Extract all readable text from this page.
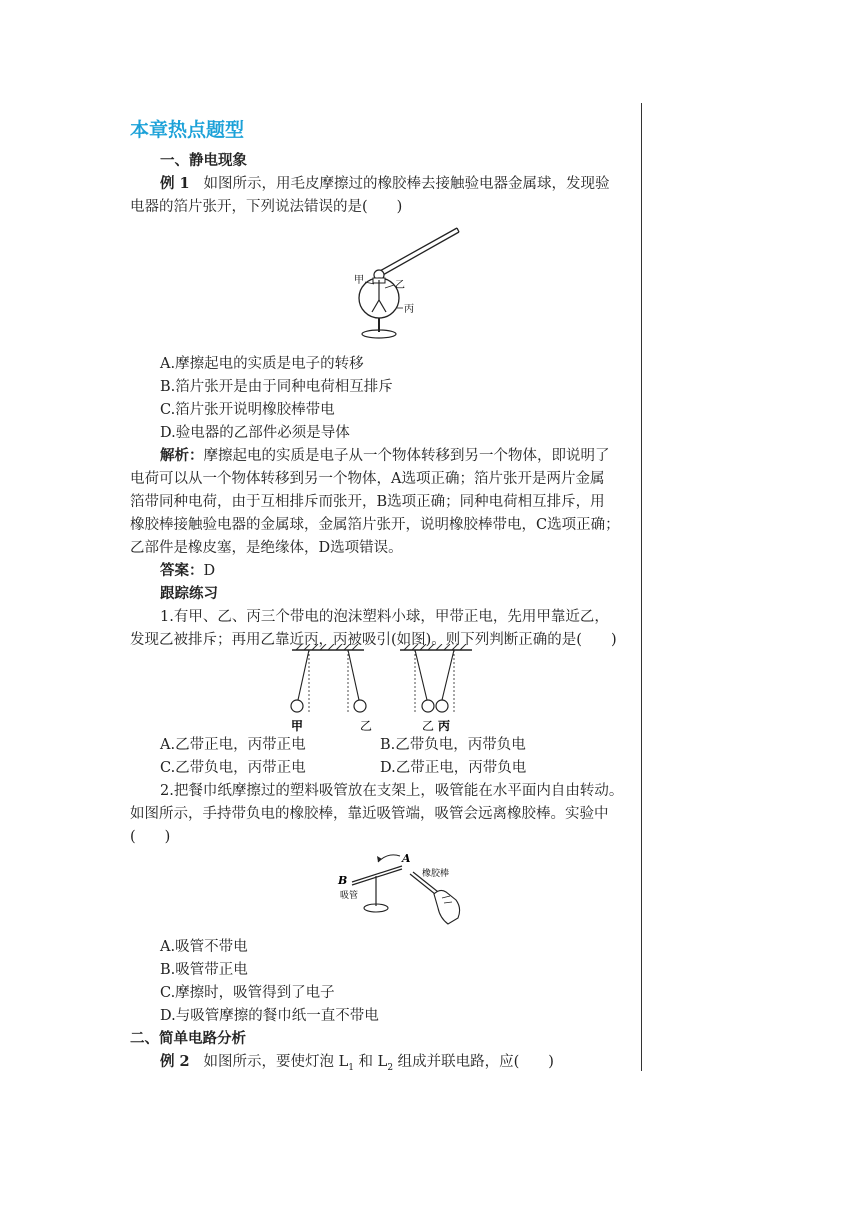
本章热点题型
一、静电现象
例 1 如图所示，用毛皮摩擦过的橡胶棒去接触验电器金属球，发现验
电器的箔片张开，下列说法错误的是(　　)
甲	乙
丙
A.摩擦起电的实质是电子的转移
B.箔片张开是由于同种电荷相互排斥
C.箔片张开说明橡胶棒带电
D.验电器的乙部件必须是导体
解析：摩擦起电的实质是电子从一个物体转移到另一个物体，即说明了
电荷可以从一个物体转移到另一个物体，A选项正确；箔片张开是两片金属
箔带同种电荷，由于互相排斥而张开，B选项正确；同种电荷相互排斥，用
橡胶棒接触验电器的金属球，金属箔片张开，说明橡胶棒带电，C选项正确；
乙部件是橡皮塞，是绝缘体，D选项错误。
答案：D
跟踪练习
1.有甲、乙、丙三个带电的泡沫塑料小球，甲带正电，先用甲靠近乙，
发现乙被排斥；再用乙靠近丙，丙被吸引(如图)。则下列判断正确的是(　　)
甲	乙	乙 丙
A.乙带正电，丙带正电	B.乙带负电，丙带负电
C.乙带负电，丙带正电	D.乙带正电，丙带负电
2.把餐巾纸摩擦过的塑料吸管放在支架上，吸管能在水平面内自由转动。
如图所示，手持带负电的橡胶棒，靠近吸管端，吸管会远离橡胶棒。实验中
(　　)
A
B
吸管
橡胶棒
A.吸管不带电
B.吸管带正电
C.摩擦时，吸管得到了电子
D.与吸管摩擦的餐巾纸一直不带电
二、简单电路分析
例 2 如图所示，要使灯泡 $L_1$ 和 $L_2$ 组成并联电路，应(　　)
